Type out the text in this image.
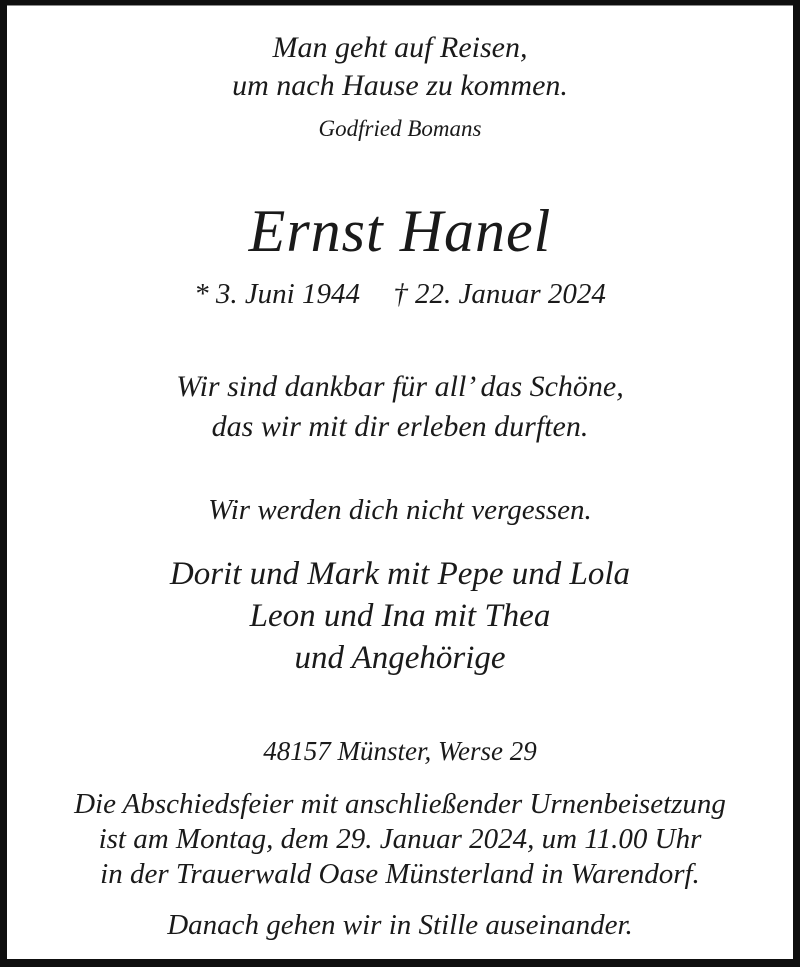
Man geht auf Reisen,
um nach Hause zu kommen.
Godfried Bomans
Ernst Hanel
* 3. Juni 1944 † 22. Januar 2024
Wir sind dankbar für all’ das Schöne,
das wir mit dir erleben durften.
Wir werden dich nicht vergessen.
Dorit und Mark mit Pepe und Lola
Leon und Ina mit Thea
und Angehörige
48157 Münster, Werse 29
Die Abschiedsfeier mit anschließender Urnenbeisetzung
ist am Montag, dem 29. Januar 2024, um 11.00 Uhr
in der Trauerwald Oase Münsterland in Warendorf.
Danach gehen wir in Stille auseinander.
